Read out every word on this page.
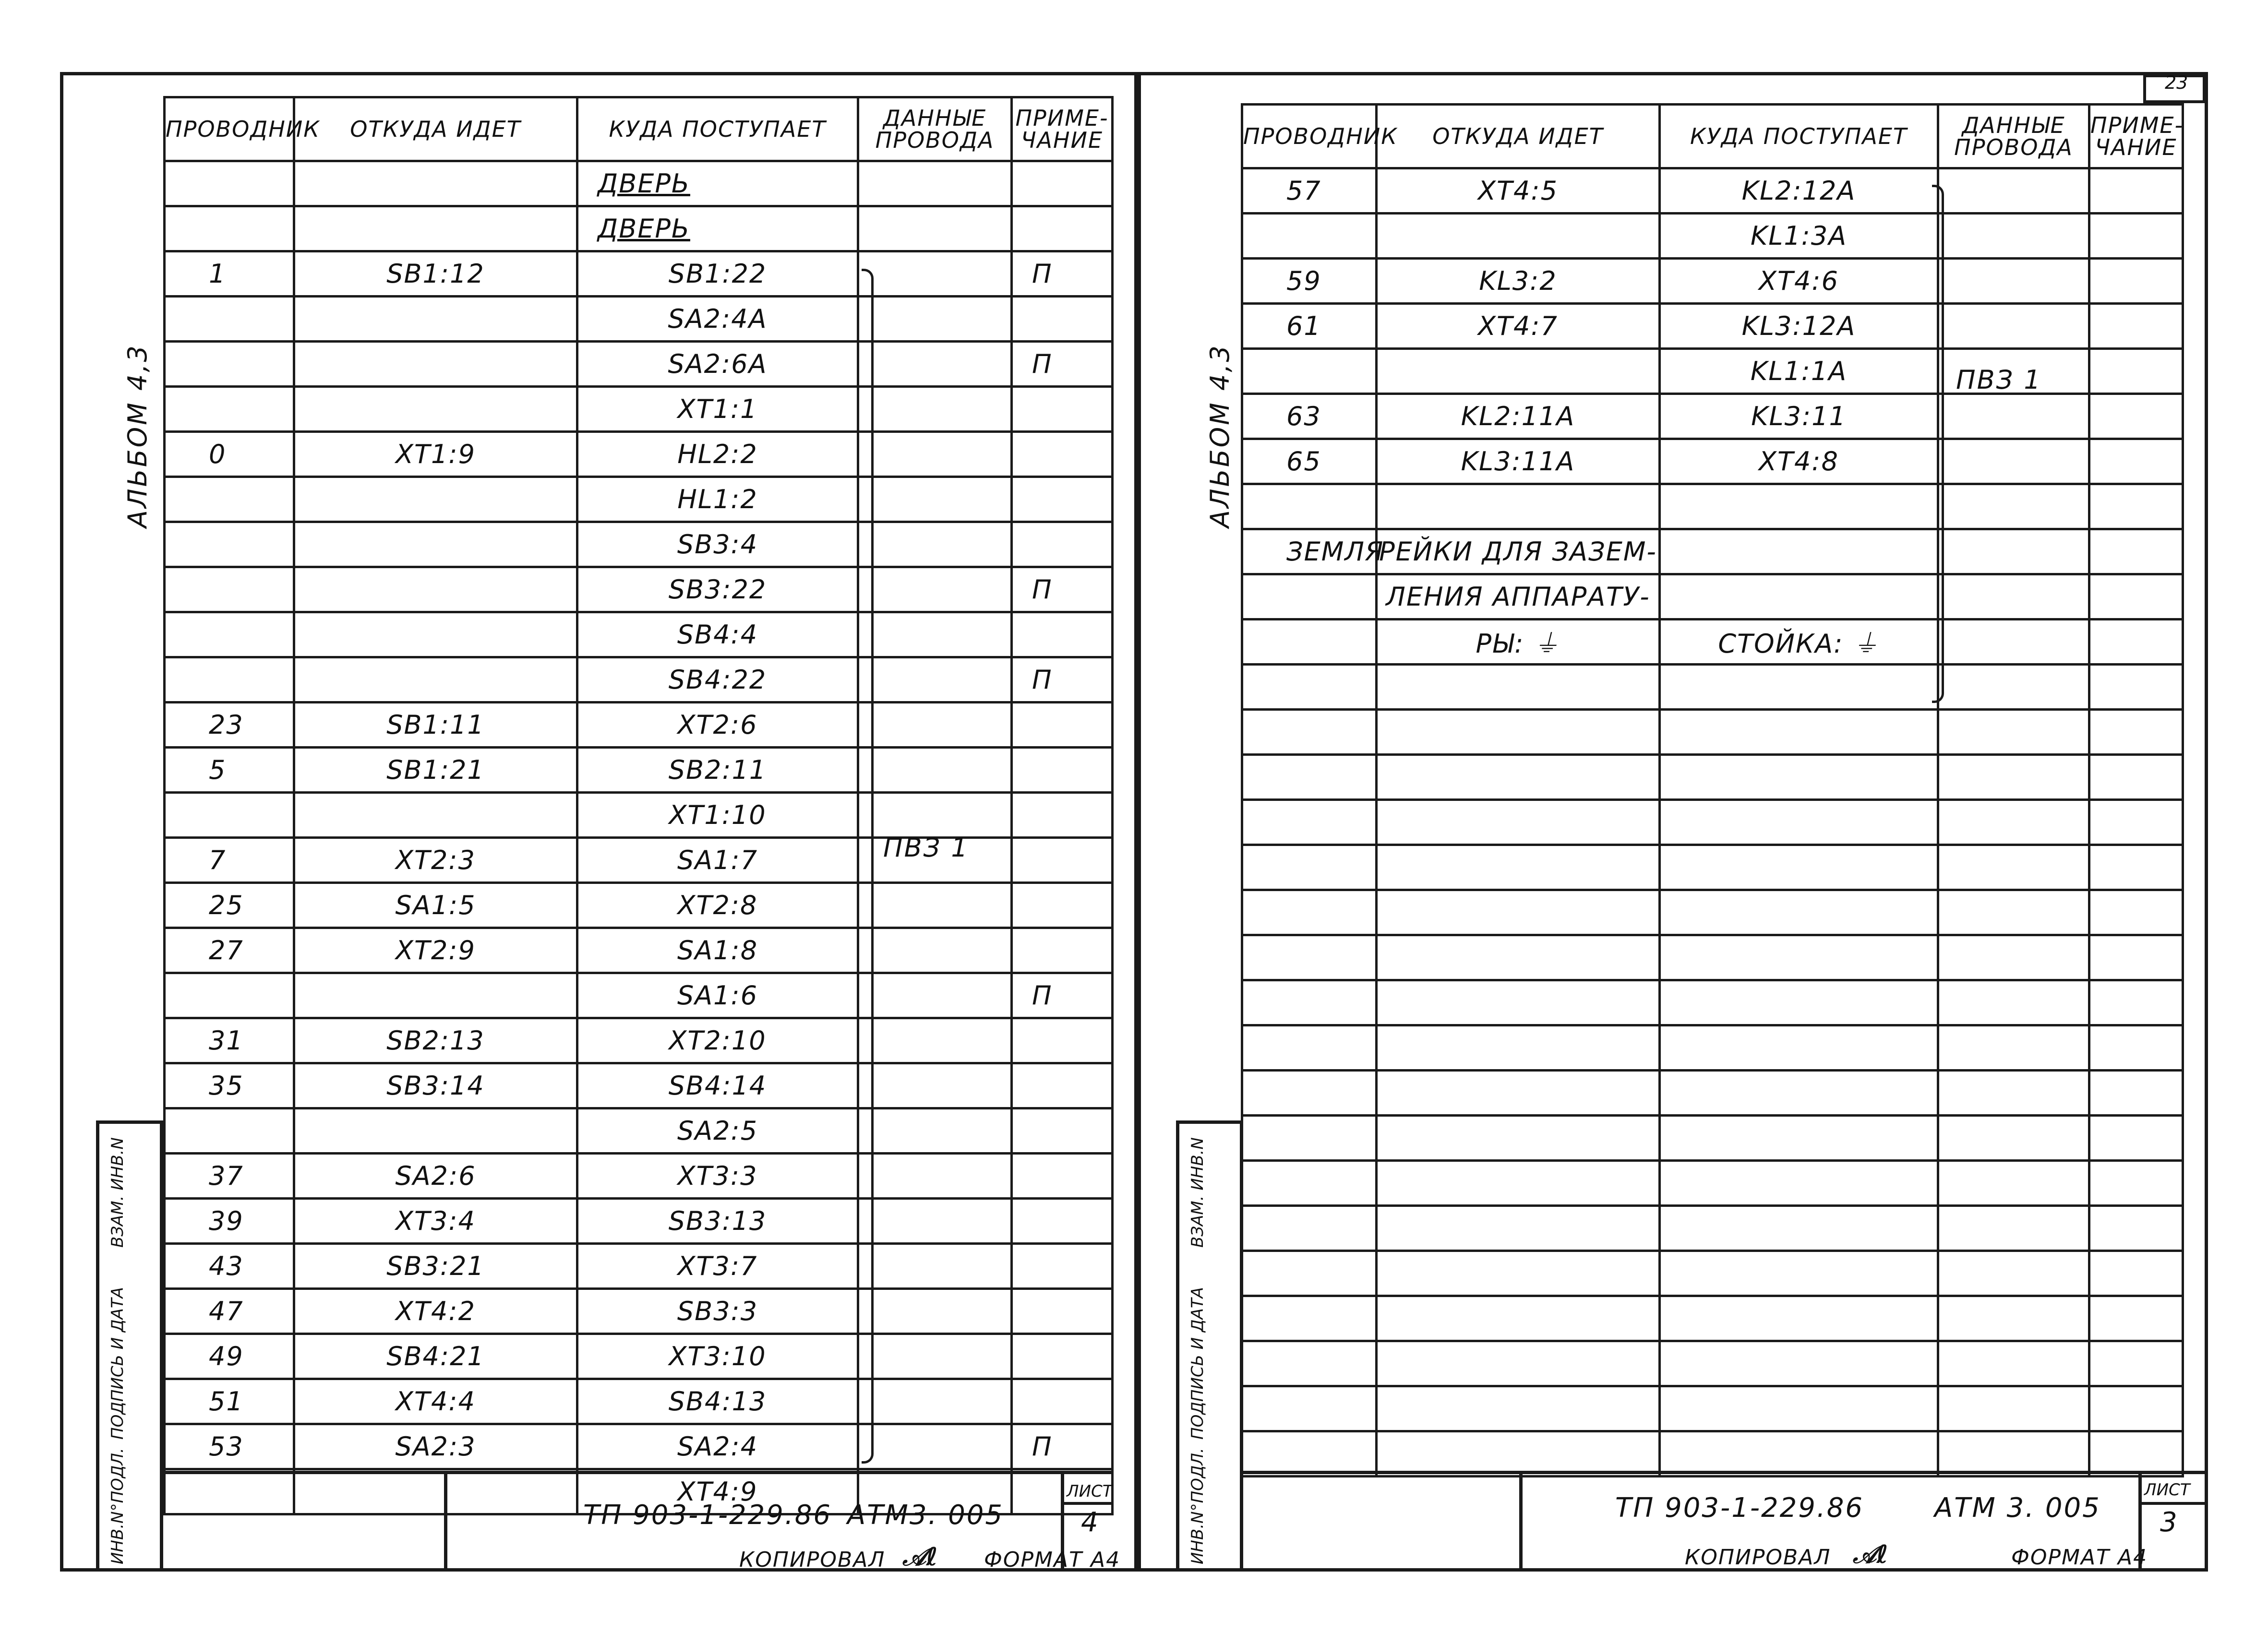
АЛЬБОМ 4,3
ПРОВОДНИК	ОТКУДА ИДЕТ	КУДА ПОСТУПАЕТ	ДАННЫЕ ПРОВОДА	ПРИМЕ-ЧАНИЕ
		ДВЕРЬ		
		ДВЕРЬ		
1	SB1:12	SB1:22		П
		SA2:4A		
		SA2:6A		П
		XT1:1		
0	XT1:9	HL2:2		
		HL1:2		
		SB3:4		
		SB3:22		П
		SB4:4		
		SB4:22		П
23	SB1:11	XT2:6		
5	SB1:21	SB2:11		
		XT1:10		
7	XT2:3	SA1:7		
25	SA1:5	XT2:8		
27	XT2:9	SA1:8		
		SA1:6		П
31	SB2:13	XT2:10		
35	SB3:14	SB4:14		
		SA2:5		
37	SA2:6	XT3:3		
39	XT3:4	SB3:13		
43	SB3:21	XT3:7		
47	XT4:2	SB3:3		
49	SB4:21	XT3:10		
51	XT4:4	SB4:13		
53	SA2:3	SA2:4		П
		XT4:9		
ПВЗ 1
ИНВ.N°ПОДЛ.
ПОДПИСЬ И ДАТА
ВЗАМ. ИНВ.N
ТП 903-1-229.86 АТМ3. 005
ЛИСТ
4
КОПИРОВАЛ 𝒜ℓ ФОРМАТ А4
23
АЛЬБОМ 4,3
ПРОВОДНИК	ОТКУДА ИДЕТ	КУДА ПОСТУПАЕТ	ДАННЫЕ ПРОВОДА	ПРИМЕ-ЧАНИЕ
57	XT4:5	KL2:12A		
		KL1:3A		
59	KL3:2	XT4:6		
61	XT4:7	KL3:12A		
		KL1:1A		
63	KL2:11A	KL3:11		
65	KL3:11A	XT4:8		

ЗЕМЛЯ	РЕЙКИ ДЛЯ ЗАЗЕМ-			
	ЛЕНИЯ АППАРАТУ-			
	РЫ: ⏚	СТОЙКА: ⏚		

ПВЗ 1
ИНВ.N°ПОДЛ.
ПОДПИСЬ И ДАТА
ВЗАМ. ИНВ.N
ТП 903-1-229.86	АТМ 3. 005
ЛИСТ
3
КОПИРОВАЛ 𝒜ℓ	ФОРМАТ А4
